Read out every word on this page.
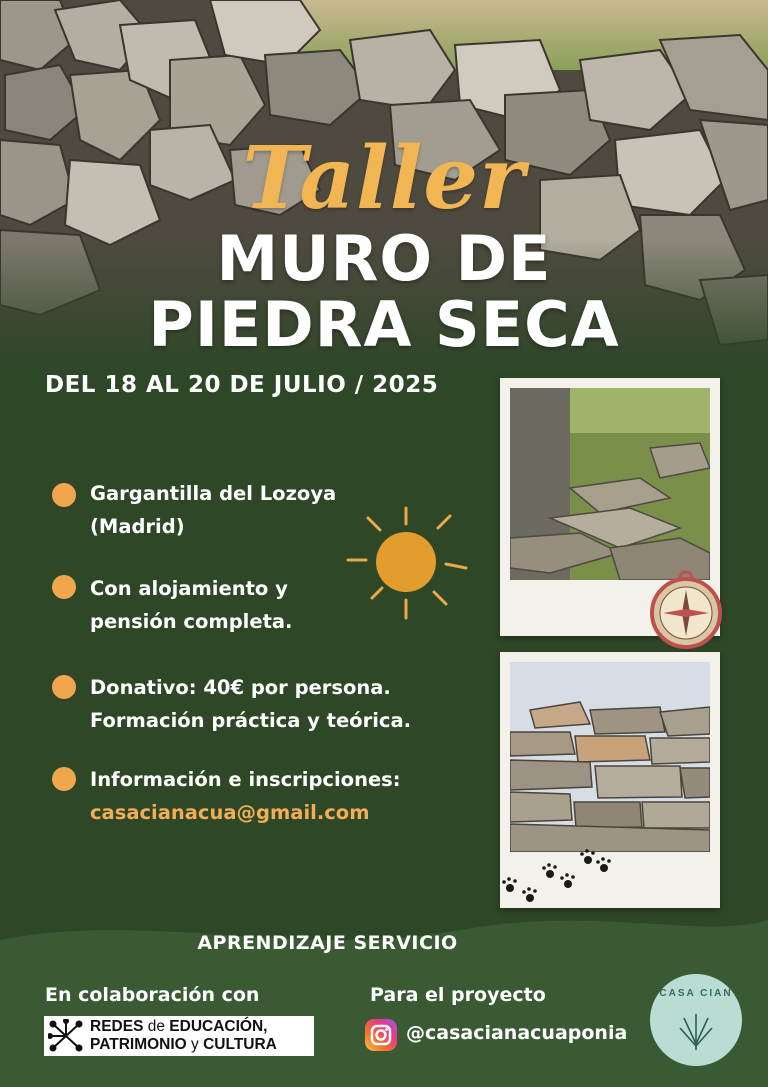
Taller
MURO DE
PIEDRA SECA
DEL 18 AL 20 DE JULIO / 2025
Gargantilla del Lozoya
(Madrid)
Con alojamiento y
pensión completa.
Donativo: 40€ por persona.
Formación práctica y teórica.
Información e inscripciones:
casacianacua@gmail.com
APRENDIZAJE SERVICIO
En colaboración con	Para el proyecto
REDES de EDUCACIÓN,
PATRIMONIO y CULTURA
@casacianacuaponia
CASA CIAN
